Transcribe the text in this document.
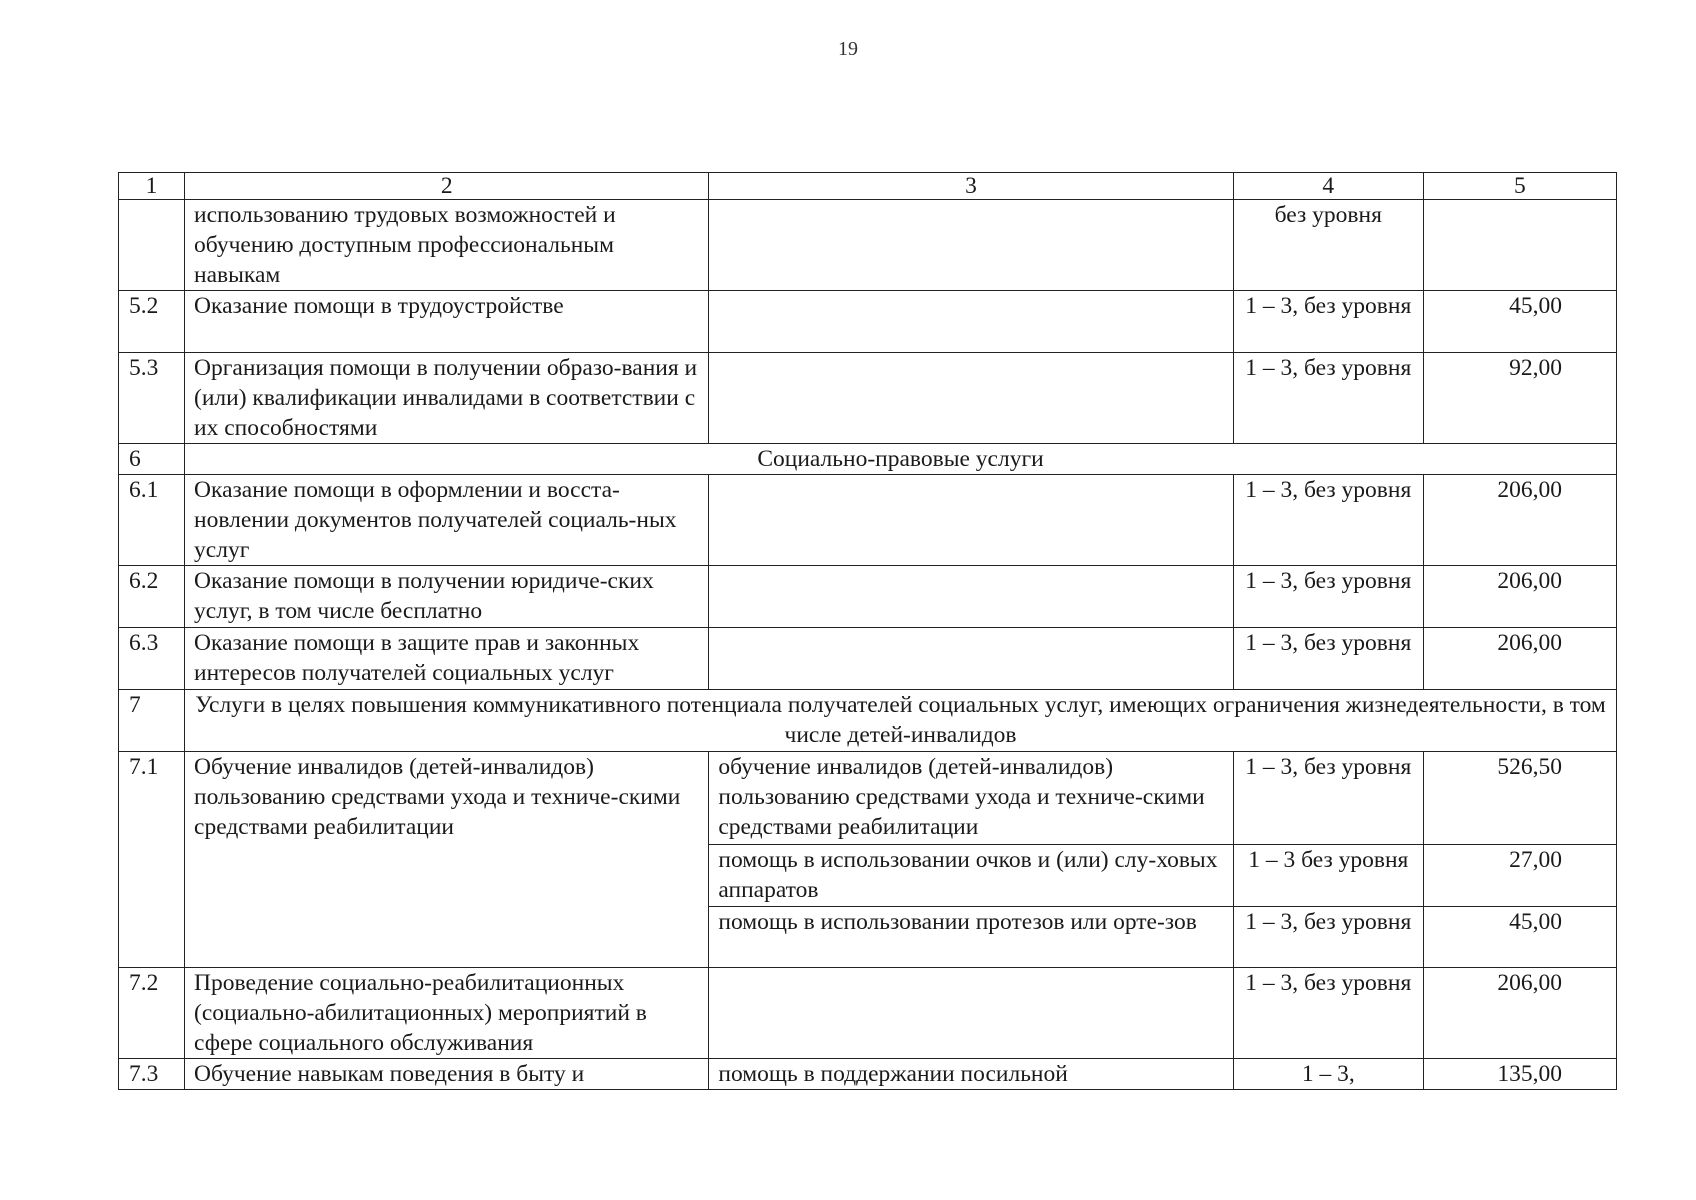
19
1	2	3	4	5
	использованию трудовых возможностей и обучению доступным профессиональным навыкам		без уровня	
5.2	Оказание помощи в трудоустройстве		1 – 3, без уровня	45,00
5.3	Организация помощи в получении образо-вания и (или) квалификации инвалидами в соответствии с их способностями		1 – 3, без уровня	92,00
6	Социально-правовые услуги			
6.1	Оказание помощи в оформлении и восста-новлении документов получателей социаль-ных услуг		1 – 3, без уровня	206,00
6.2	Оказание помощи в получении юридиче-ских услуг, в том числе бесплатно		1 – 3, без уровня	206,00
6.3	Оказание помощи в защите прав и законных интересов получателей социальных услуг		1 – 3, без уровня	206,00
7	Услуги в целях повышения коммуникативного потенциала получателей социальных услуг, имеющих ограничения жизнедеятельности, в том числе детей-инвалидов			
7.1	Обучение инвалидов (детей-инвалидов) пользованию средствами ухода и техниче-скими средствами реабилитации	обучение инвалидов (детей-инвалидов) пользованию средствами ухода и техниче-скими средствами реабилитации	1 – 3, без уровня	526,50
		помощь в использовании очков и (или) слу-ховых аппаратов	1 – 3 без уровня	27,00
		помощь в использовании протезов или орте-зов	1 – 3, без уровня	45,00
7.2	Проведение социально-реабилитационных (социально-абилитационных) мероприятий в сфере социального обслуживания		1 – 3, без уровня	206,00
7.3	Обучение навыкам поведения в быту и	помощь в поддержании посильной	1 – 3,	135,00
